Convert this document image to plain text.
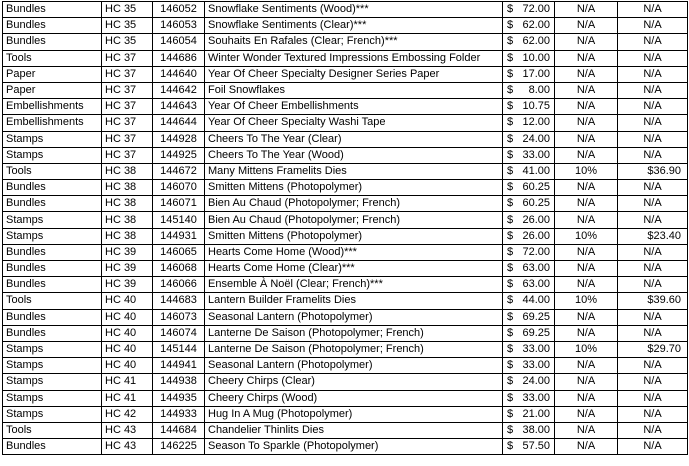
Bundles	HC 35	146052	Snowflake Sentiments (Wood)***	$ 72.00	N/A	N/A
Bundles	HC 35	146053	Snowflake Sentiments (Clear)***	$ 62.00	N/A	N/A
Bundles	HC 35	146054	Souhaits En Rafales (Clear; French)***	$ 62.00	N/A	N/A
Tools	HC 37	144686	Winter Wonder Textured Impressions Embossing Folder	$ 10.00	N/A	N/A
Paper	HC 37	144640	Year Of Cheer Specialty Designer Series Paper	$ 17.00	N/A	N/A
Paper	HC 37	144642	Foil Snowflakes	$ 8.00	N/A	N/A
Embellishments	HC 37	144643	Year Of Cheer Embellishments	$ 10.75	N/A	N/A
Embellishments	HC 37	144644	Year Of Cheer Specialty Washi Tape	$ 12.00	N/A	N/A
Stamps	HC 37	144928	Cheers To The Year (Clear)	$ 24.00	N/A	N/A
Stamps	HC 37	144925	Cheers To The Year (Wood)	$ 33.00	N/A	N/A
Tools	HC 38	144672	Many Mittens Framelits Dies	$ 41.00	10%	$36.90
Bundles	HC 38	146070	Smitten Mittens (Photopolymer)	$ 60.25	N/A	N/A
Bundles	HC 38	146071	Bien Au Chaud (Photopolymer; French)	$ 60.25	N/A	N/A
Stamps	HC 38	145140	Bien Au Chaud (Photopolymer; French)	$ 26.00	N/A	N/A
Stamps	HC 38	144931	Smitten Mittens (Photopolymer)	$ 26.00	10%	$23.40
Bundles	HC 39	146065	Hearts Come Home (Wood)***	$ 72.00	N/A	N/A
Bundles	HC 39	146068	Hearts Come Home (Clear)***	$ 63.00	N/A	N/A
Bundles	HC 39	146066	Ensemble À Noël (Clear; French)***	$ 63.00	N/A	N/A
Tools	HC 40	144683	Lantern Builder Framelits Dies	$ 44.00	10%	$39.60
Bundles	HC 40	146073	Seasonal Lantern (Photopolymer)	$ 69.25	N/A	N/A
Bundles	HC 40	146074	Lanterne De Saison (Photopolymer; French)	$ 69.25	N/A	N/A
Stamps	HC 40	145144	Lanterne De Saison (Photopolymer; French)	$ 33.00	10%	$29.70
Stamps	HC 40	144941	Seasonal Lantern (Photopolymer)	$ 33.00	N/A	N/A
Stamps	HC 41	144938	Cheery Chirps (Clear)	$ 24.00	N/A	N/A
Stamps	HC 41	144935	Cheery Chirps (Wood)	$ 33.00	N/A	N/A
Stamps	HC 42	144933	Hug In A Mug (Photopolymer)	$ 21.00	N/A	N/A
Tools	HC 43	144684	Chandelier Thinlits Dies	$ 38.00	N/A	N/A
Bundles	HC 43	146225	Season To Sparkle (Photopolymer)	$ 57.50	N/A	N/A
